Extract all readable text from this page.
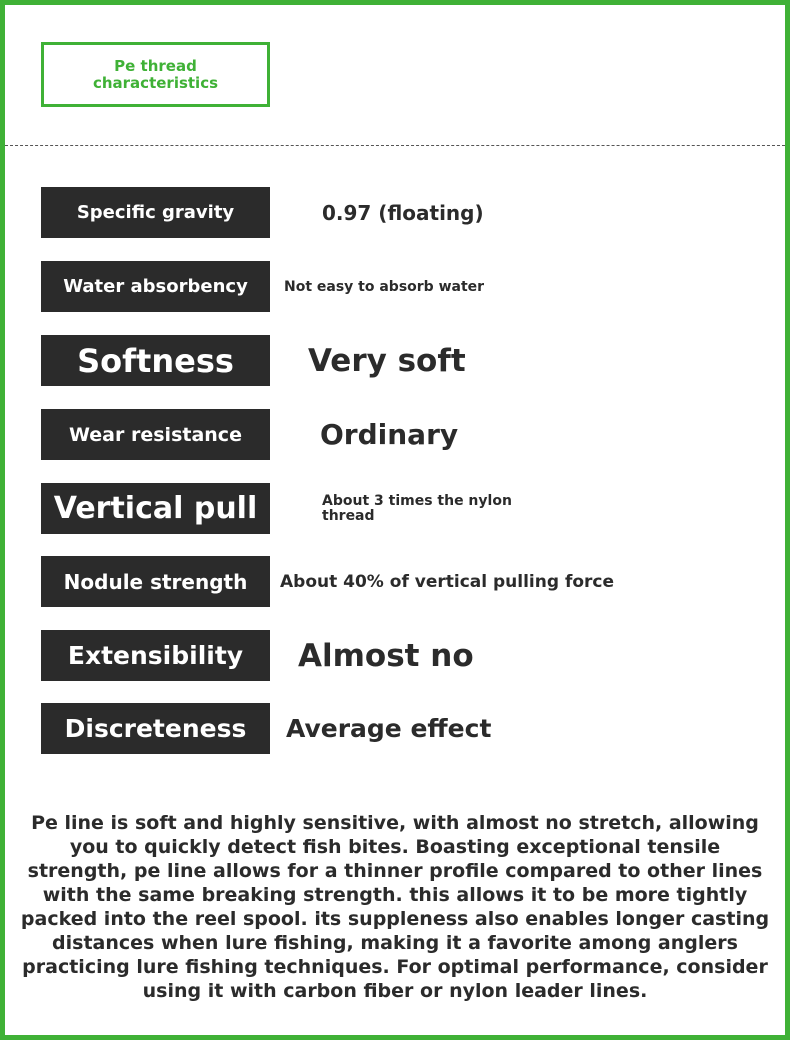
Pe thread characteristics
Specific gravity	0.97 (floating)
Water absorbency	Not easy to absorb water
Softness	Very soft
Wear resistance	Ordinary
Vertical pull	About 3 times the nylon thread
Nodule strength	About 40% of vertical pulling force
Extensibility	Almost no
Discreteness	Average effect
Pe line is soft and highly sensitive, with almost no stretch, allowing you to quickly detect fish bites. Boasting exceptional tensile strength, pe line allows for a thinner profile compared to other lines with the same breaking strength. this allows it to be more tightly packed into the reel spool. its suppleness also enables longer casting distances when lure fishing, making it a favorite among anglers practicing lure fishing techniques. For optimal performance, consider using it with carbon fiber or nylon leader lines.
